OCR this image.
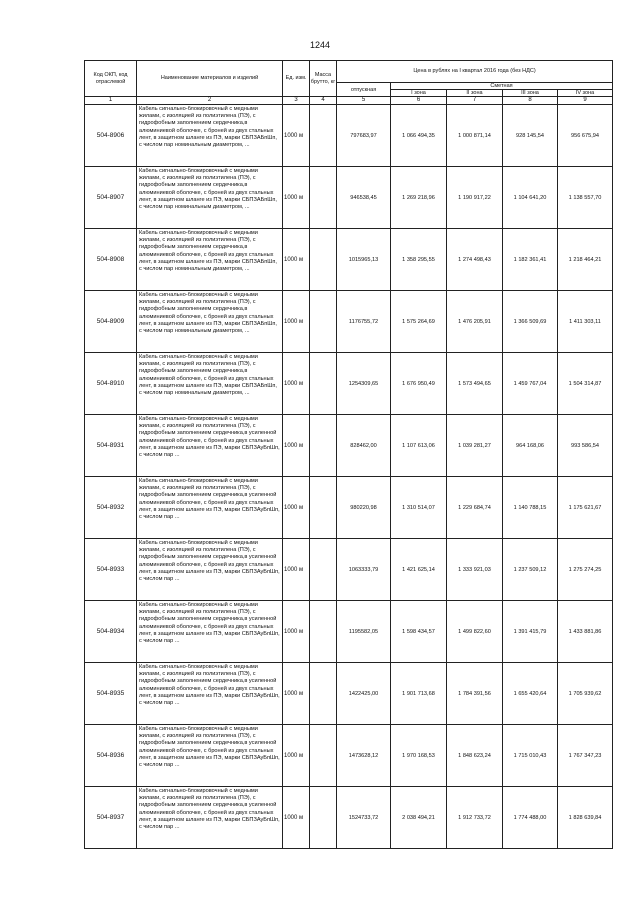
1244
Код ОКП, код отраслевой	Наименование материалов и изделий	Ед. изм.	Масса брутто, кг	Цена в рублях на I квартал 2016 года (без НДС)				
				отпускная	Сметная			
					I зона	II зона	III зона	IV зона
1	2	3	4	5	6	7	8	9
504-8906	Кабель сигнально-блокировочный с медными жилами, с изоляцией из полиэтилена (ПЭ), с гидрофобным заполнением сердечника,в алюминиевой оболочке, с броней из двух стальных лент, в защитном шланге из ПЭ, марки СБПЗАБпШп, с числом пар номинальным диаметром, ...	1000 м		797683,97	1 066 494,35	1 000 871,14	928 145,54	956 675,94
504-8907	Кабель сигнально-блокировочный с медными жилами, с изоляцией из полиэтилена (ПЭ), с гидрофобным заполнением сердечника,в алюминиевой оболочке, с броней из двух стальных лент, в защитном шланге из ПЭ, марки СБПЗАБпШп, с числом пар номинальным диаметром, ...	1000 м		946538,45	1 269 218,96	1 190 917,22	1 104 641,20	1 138 557,70
504-8908	Кабель сигнально-блокировочный с медными жилами, с изоляцией из полиэтилена (ПЭ), с гидрофобным заполнением сердечника,в алюминиевой оболочке, с броней из двух стальных лент, в защитном шланге из ПЭ, марки СБПЗАБпШп, с числом пар номинальным диаметром, ...	1000 м		1015965,13	1 358 295,55	1 274 498,43	1 182 361,41	1 218 464,21
504-8909	Кабель сигнально-блокировочный с медными жилами, с изоляцией из полиэтилена (ПЭ), с гидрофобным заполнением сердечника,в алюминиевой оболочке, с броней из двух стальных лент, в защитном шланге из ПЭ, марки СБПЗАБпШп, с числом пар номинальным диаметром, ...	1000 м		1176755,72	1 575 264,69	1 476 205,91	1 366 509,69	1 411 303,11
504-8910	Кабель сигнально-блокировочный с медными жилами, с изоляцией из полиэтилена (ПЭ), с гидрофобным заполнением сердечника,в алюминиевой оболочке, с броней из двух стальных лент, в защитном шланге из ПЭ, марки СБПЗАБпШп, с числом пар номинальным диаметром, ...	1000 м		1254309,65	1 676 950,49	1 573 494,65	1 459 767,04	1 504 314,87
504-8931	Кабель сигнально-блокировочный с медными жилами, с изоляцией из полиэтилена (ПЭ), с гидрофобным заполнением сердечника,в усиленной алюминиевой оболочке, с броней из двух стальных лент, в защитном шланге из ПЭ, марки СБПЗАуБпШп, с числом пар ...	1000 м		828462,00	1 107 613,06	1 039 281,27	964 168,06	993 586,54
504-8932	Кабель сигнально-блокировочный с медными жилами, с изоляцией из полиэтилена (ПЭ), с гидрофобным заполнением сердечника,в усиленной алюминиевой оболочке, с броней из двух стальных лент, в защитном шланге из ПЭ, марки СБПЗАуБпШп, с числом пар ...	1000 м		980220,98	1 310 514,07	1 229 684,74	1 140 788,15	1 175 621,67
504-8933	Кабель сигнально-блокировочный с медными жилами, с изоляцией из полиэтилена (ПЭ), с гидрофобным заполнением сердечника,в усиленной алюминиевой оболочке, с броней из двух стальных лент, в защитном шланге из ПЭ, марки СБПЗАуБпШп, с числом пар ...	1000 м		1063333,79	1 421 625,14	1 333 921,03	1 237 509,12	1 275 274,25
504-8934	Кабель сигнально-блокировочный с медными жилами, с изоляцией из полиэтилена (ПЭ), с гидрофобным заполнением сердечника,в усиленной алюминиевой оболочке, с броней из двух стальных лент, в защитном шланге из ПЭ, марки СБПЗАуБпШп, с числом пар ...	1000 м		1195582,05	1 598 434,57	1 499 822,60	1 391 415,79	1 433 881,86
504-8935	Кабель сигнально-блокировочный с медными жилами, с изоляцией из полиэтилена (ПЭ), с гидрофобным заполнением сердечника,в усиленной алюминиевой оболочке, с броней из двух стальных лент, в защитном шланге из ПЭ, марки СБПЗАуБпШп, с числом пар ...	1000 м		1422425,00	1 901 713,68	1 784 391,56	1 655 420,64	1 705 939,62
504-8936	Кабель сигнально-блокировочный с медными жилами, с изоляцией из полиэтилена (ПЭ), с гидрофобным заполнением сердечника,в усиленной алюминиевой оболочке, с броней из двух стальных лент, в защитном шланге из ПЭ, марки СБПЗАуБпШп, с числом пар ...	1000 м		1473628,12	1 970 168,53	1 848 623,24	1 715 010,43	1 767 347,23
504-8937	Кабель сигнально-блокировочный с медными жилами, с изоляцией из полиэтилена (ПЭ), с гидрофобным заполнением сердечника,в усиленной алюминиевой оболочке, с броней из двух стальных лент, в защитном шланге из ПЭ, марки СБПЗАуБпШп, с числом пар ...	1000 м		1524733,72	2 038 494,21	1 912 733,72	1 774 488,00	1 828 639,84
